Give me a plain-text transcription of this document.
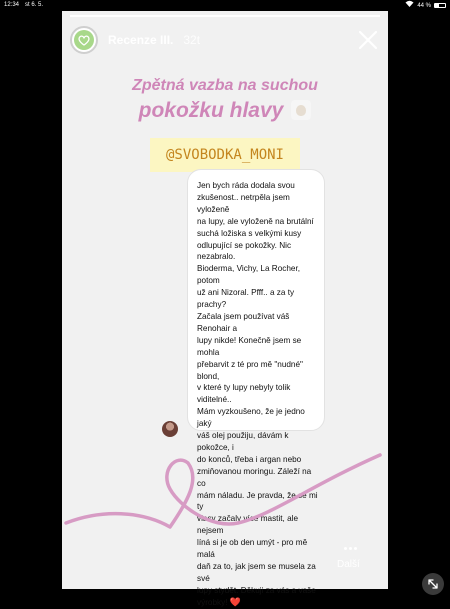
12:34 st 6. 5.	44 %
Recenze III. 32t
Zpětná vazba na suchou
pokožku hlavy
@SVOBODKA_MONI
Jen bych ráda dodala svou
zkušenost.. netrpěla jsem vyloženě
na lupy, ale vyloženě na brutální
suchá ložiska s velkými kusy
odlupující se pokožky. Nic nezabralo.
Bioderma, Vichy, La Rocher, potom
už ani Nizoral. Pfff.. a za ty prachy?
Začala jsem používat váš Renohair a
lupy nikde! Konečně jsem se mohla
přebarvit z té pro mě "nudné" blond,
v které ty lupy nebyly tolik viditelné..
Mám vyzkoušeno, že je jedno jaký
váš olej použiju, dávám k pokožce, i
do konců, třeba i argan nebo
zmiňovanou moringu. Záleží na co
mám náladu. Je pravda, že se mi ty
vlasy začaly více mastit, ale nejsem
líná si je ob den umýt - pro mě malá
daň za to, jak jsem se musela za své
lupy stydět. Děkuji za vás a vaše
výrobky! ❤️
Další
